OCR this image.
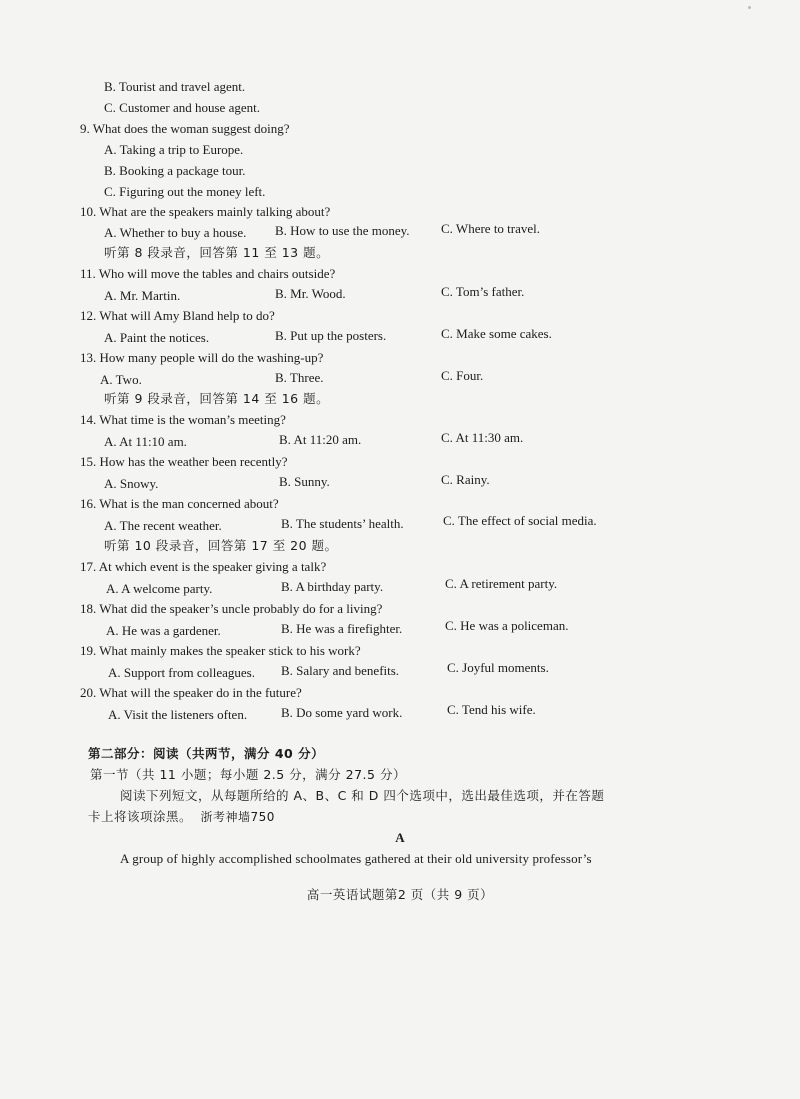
B. Tourist and travel agent.
C. Customer and house agent.
9. What does the woman suggest doing?
A. Taking a trip to Europe.
B. Booking a package tour.
C. Figuring out the money left.
10. What are the speakers mainly talking about?
A. Whether to buy a house. B. How to use the money. C. Where to travel.
听第 8 段录音，回答第 11 至 13 题。
11. Who will move the tables and chairs outside?
A. Mr. Martin.	B. Mr. Wood.	C. Tom’s father.
12. What will Amy Bland help to do?
A. Paint the notices.	B. Put up the posters.	C. Make some cakes.
13. How many people will do the washing-up?
A. Two.	B. Three.	C. Four.
听第 9 段录音，回答第 14 至 16 题。
14. What time is the woman’s meeting?
A. At 11:10 am.	B. At 11:20 am.	C. At 11:30 am.
15. How has the weather been recently?
A. Snowy.	B. Sunny.	C. Rainy.
16. What is the man concerned about?
A. The recent weather.	B. The students’ health.	C. The effect of social media.
听第 10 段录音，回答第 17 至 20 题。
17. At which event is the speaker giving a talk?
A. A welcome party.	B. A birthday party.	C. A retirement party.
18. What did the speaker’s uncle probably do for a living?
A. He was a gardener.	B. He was a firefighter.	C. He was a policeman.
19. What mainly makes the speaker stick to his work?
A. Support from colleagues. B. Salary and benefits.	C. Joyful moments.
20. What will the speaker do in the future?
A. Visit the listeners often.	B. Do some yard work.	C. Tend his wife.
第二部分：阅读（共两节，满分 40 分）
第一节（共 11 小题；每小题 2.5 分，满分 27.5 分）
阅读下列短文，从每题所给的 A、B、C 和 D 四个选项中，选出最佳选项，并在答题
卡上将该项涂黑。 浙考神墙750
A
A group of highly accomplished schoolmates gathered at their old university professor’s
高一英语试题第2 页（共 9 页）
